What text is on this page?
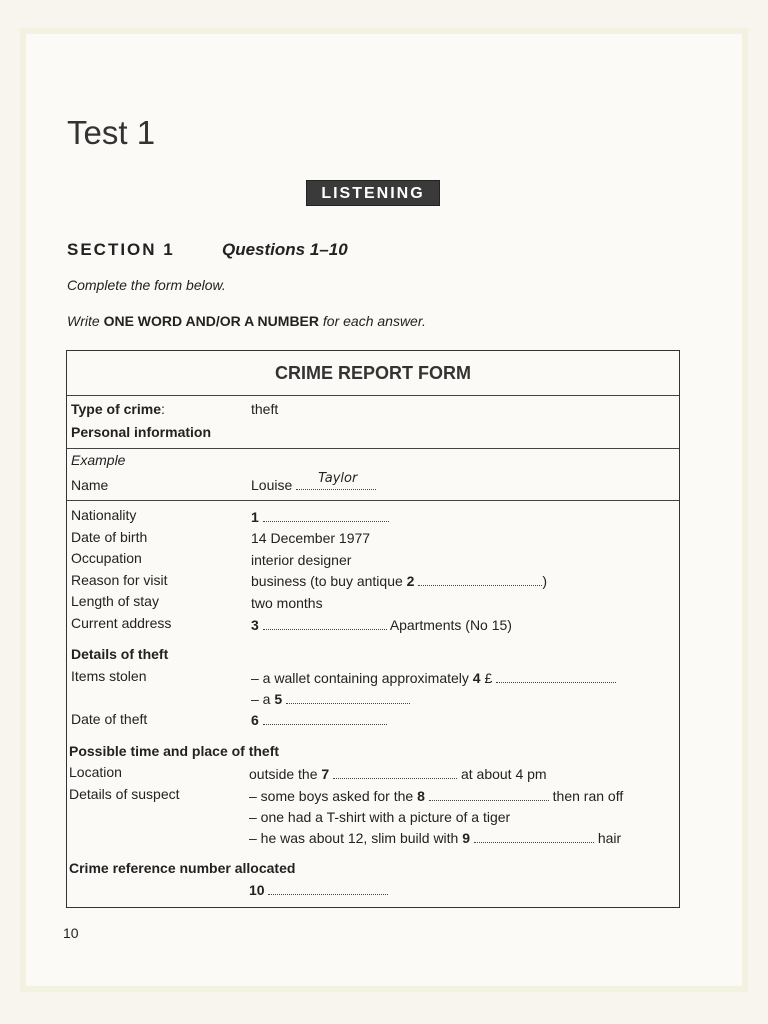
Test 1
LISTENING
SECTION 1	Questions 1–10
Complete the form below.
Write ONE WORD AND/OR A NUMBER for each answer.
CRIME REPORT FORM
Type of crime:	theft
Personal information
Example
Name	Louise Taylor
Nationality	1
Date of birth	14 December 1977
Occupation	interior designer
Reason for visit	business (to buy antique 2	)
Length of stay	two months
Current address	3	Apartments (No 15)
Details of theft
Items stolen	– a wallet containing approximately 4 £
– a 5
Date of theft	6
Possible time and place of theft
Location	outside the 7	at about 4 pm
Details of suspect	– some boys asked for the 8	then ran off
– one had a T-shirt with a picture of a tiger
– he was about 12, slim build with 9	hair
Crime reference number allocated
10
10
